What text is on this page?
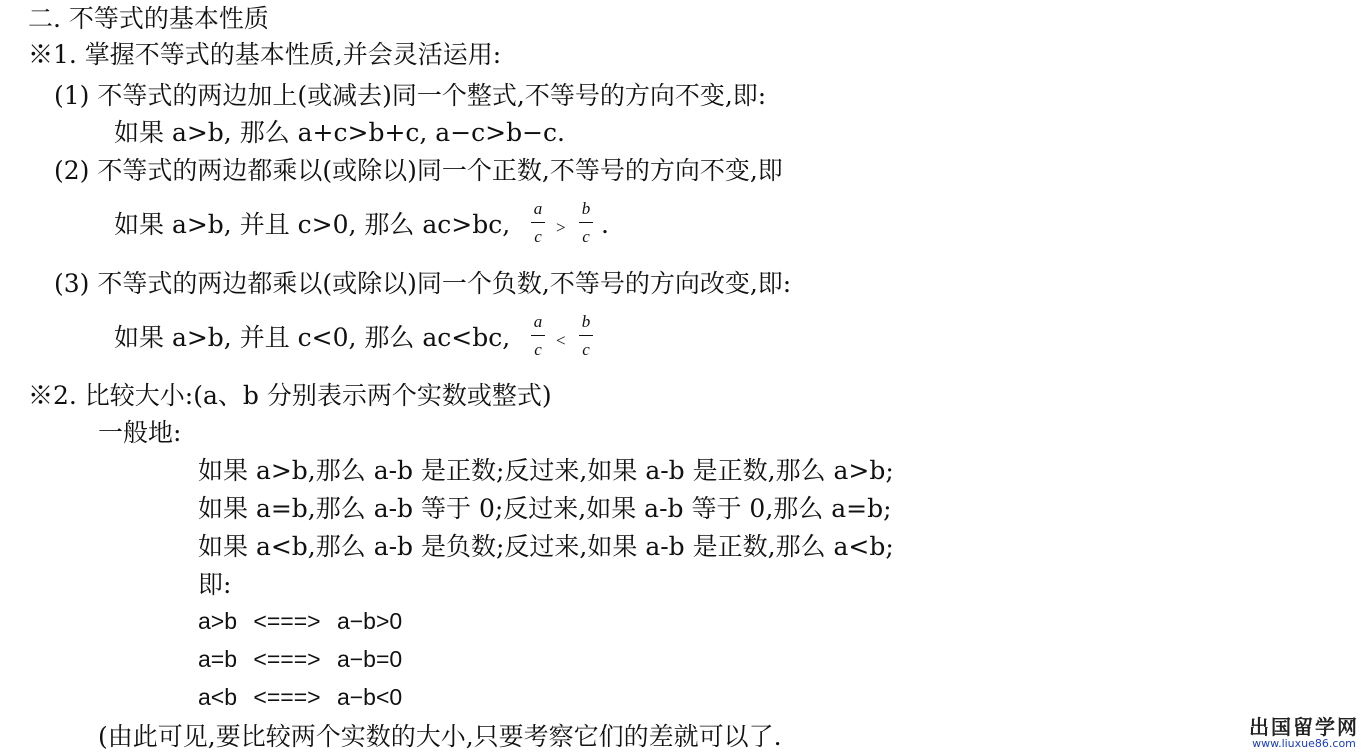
二. 不等式的基本性质
※1. 掌握不等式的基本性质,并会灵活运用:
(1) 不等式的两边加上(或减去)同一个整式,不等号的方向不变,即:
如果 a>b, 那么 a+c>b+c, a−c>b−c.
(2) 不等式的两边都乘以(或除以)同一个正数,不等号的方向不变,即
如果 a>b, 并且 c>0, 那么 ac>bc,
a
c >
b
c .
(3) 不等式的两边都乘以(或除以)同一个负数,不等号的方向改变,即:
如果 a>b, 并且 c<0, 那么 ac<bc,
a
c <
b
c
※2. 比较大小:(a、b 分别表示两个实数或整式)
一般地:
如果 a>b,那么 a-b 是正数;反过来,如果 a-b 是正数,那么 a>b;
如果 a=b,那么 a-b 等于 0;反过来,如果 a-b 等于 0,那么 a=b;
如果 a<b,那么 a-b 是负数;反过来,如果 a-b 是正数,那么 a<b;
即:
a>b <===> a−b>0
a=b <===> a−b=0
a<b <===> a−b<0
(由此可见,要比较两个实数的大小,只要考察它们的差就可以了.	出国留学网
www.liuxue86.com
